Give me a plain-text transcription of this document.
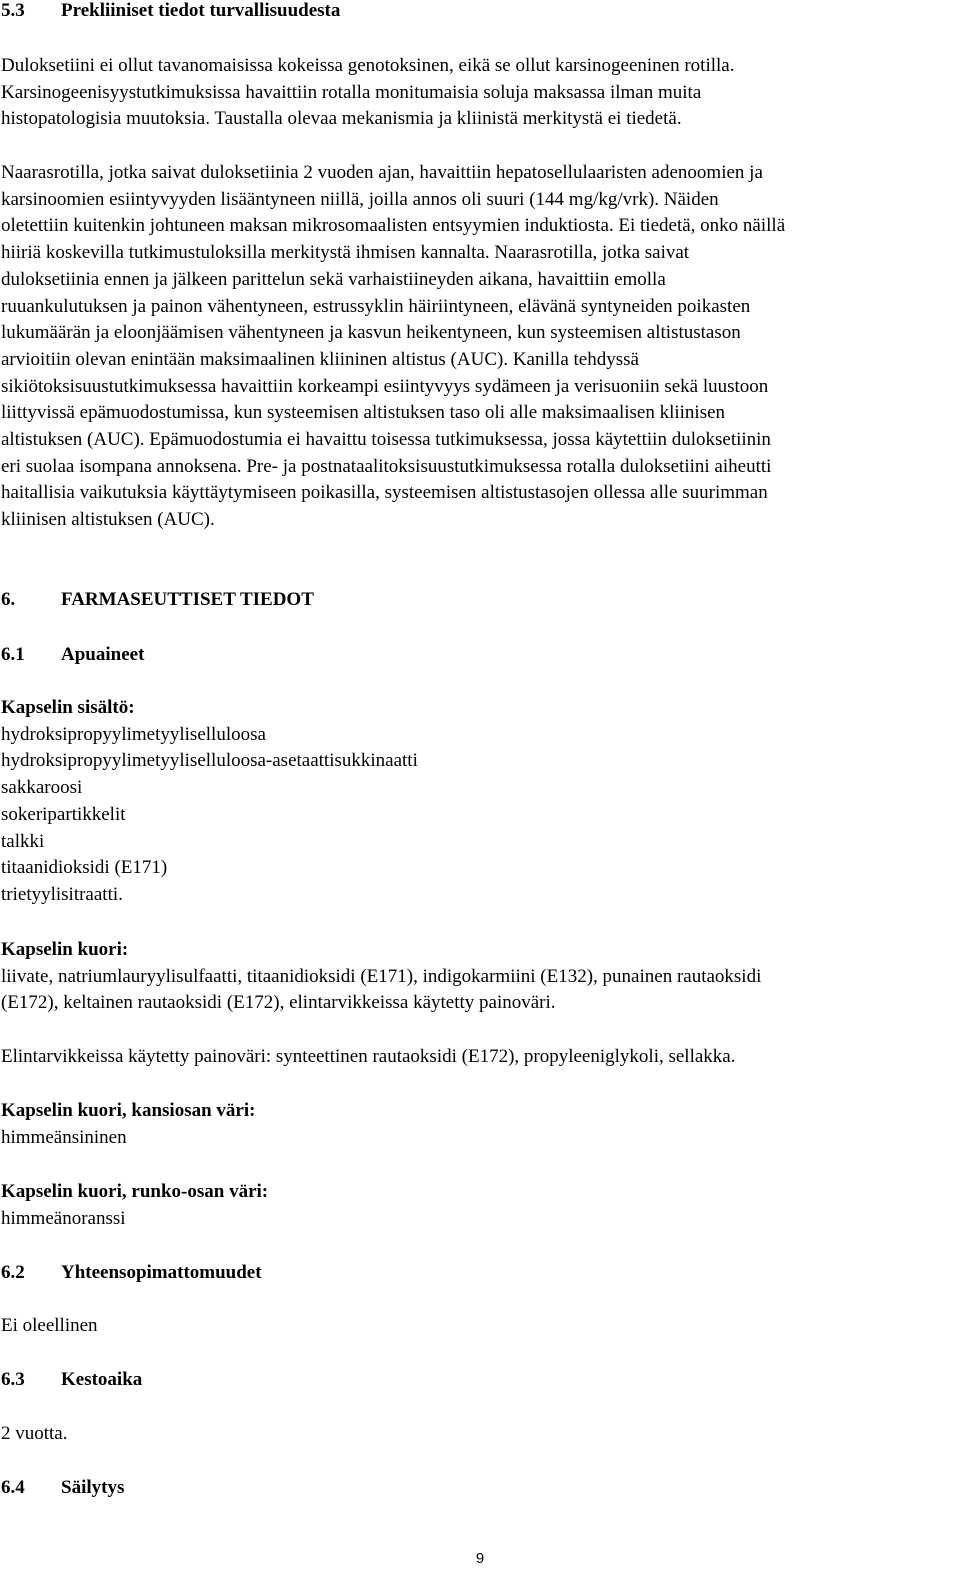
5.3 Prekliiniset tiedot turvallisuudesta
Duloksetiini ei ollut tavanomaisissa kokeissa genotoksinen, eikä se ollut karsinogeeninen rotilla.
Karsinogeenisyystutkimuksissa havaittiin rotalla monitumaisia soluja maksassa ilman muita
histopatologisia muutoksia. Taustalla olevaa mekanismia ja kliinistä merkitystä ei tiedetä.
Naarasrotilla, jotka saivat duloksetiinia 2 vuoden ajan, havaittiin hepatosellulaaristen adenoomien ja
karsinoomien esiintyvyyden lisääntyneen niillä, joilla annos oli suuri (144 mg/kg/vrk). Näiden
oletettiin kuitenkin johtuneen maksan mikrosomaalisten entsyymien induktiosta. Ei tiedetä, onko näillä
hiiriä koskevilla tutkimustuloksilla merkitystä ihmisen kannalta. Naarasrotilla, jotka saivat
duloksetiinia ennen ja jälkeen parittelun sekä varhaistiineyden aikana, havaittiin emolla
ruuankulutuksen ja painon vähentyneen, estrussyklin häiriintyneen, elävänä syntyneiden poikasten
lukumäärän ja eloonjäämisen vähentyneen ja kasvun heikentyneen, kun systeemisen altistustason
arvioitiin olevan enintään maksimaalinen kliininen altistus (AUC). Kanilla tehdyssä
sikiötoksisuustutkimuksessa havaittiin korkeampi esiintyvyys sydämeen ja verisuoniin sekä luustoon
liittyvissä epämuodostumissa, kun systeemisen altistuksen taso oli alle maksimaalisen kliinisen
altistuksen (AUC). Epämuodostumia ei havaittu toisessa tutkimuksessa, jossa käytettiin duloksetiinin
eri suolaa isompana annoksena. Pre- ja postnataalitoksisuustutkimuksessa rotalla duloksetiini aiheutti
haitallisia vaikutuksia käyttäytymiseen poikasilla, systeemisen altistustasojen ollessa alle suurimman
kliinisen altistuksen (AUC).
6. FARMASEUTTISET TIEDOT
6.1 Apuaineet
Kapselin sisältö:
hydroksipropyylimetyyliselluloosa
hydroksipropyylimetyyliselluloosa-asetaattisukkinaatti
sakkaroosi
sokeripartikkelit
talkki
titaanidioksidi (E171)
trietyylisitraatti.
Kapselin kuori:
liivate, natriumlauryylisulfaatti, titaanidioksidi (E171), indigokarmiini (E132), punainen rautaoksidi
(E172), keltainen rautaoksidi (E172), elintarvikkeissa käytetty painoväri.
Elintarvikkeissa käytetty painoväri: synteettinen rautaoksidi (E172), propyleeniglykoli, sellakka.
Kapselin kuori, kansiosan väri:
himmeänsininen
Kapselin kuori, runko-osan väri:
himmeänoranssi
6.2 Yhteensopimattomuudet
Ei oleellinen
6.3 Kestoaika
2 vuotta.
6.4 Säilytys
9
